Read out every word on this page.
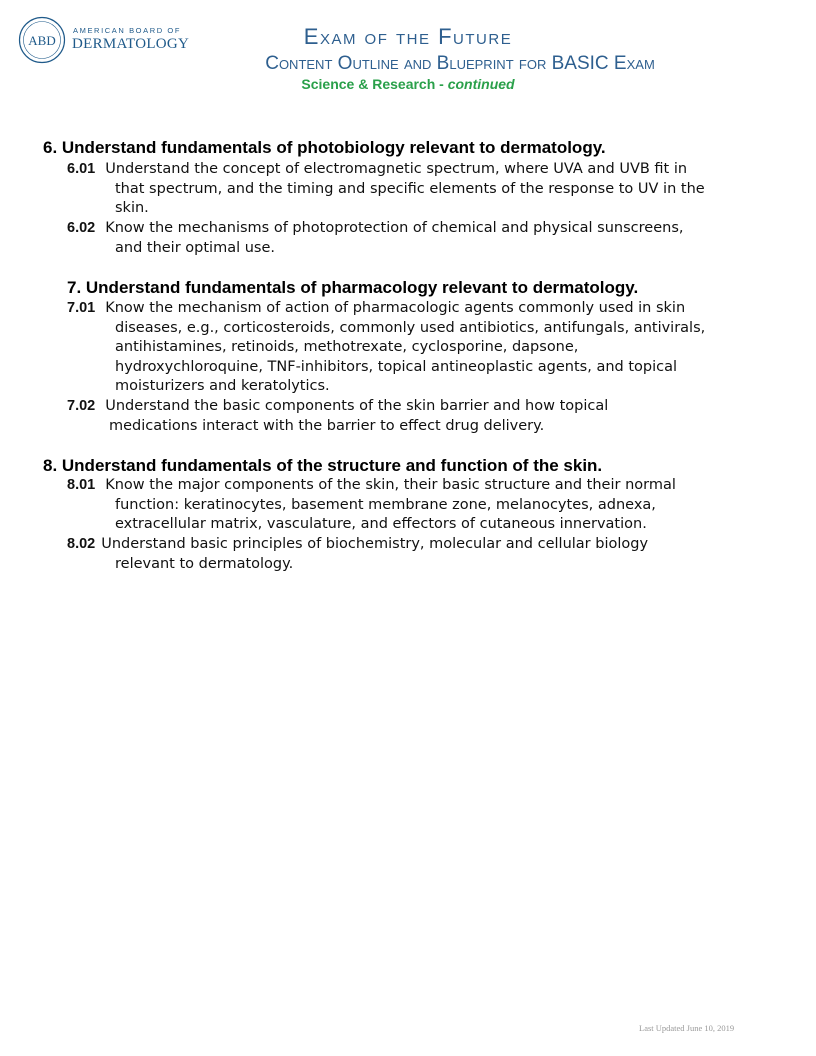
ABD
AMERICAN BOARD OF
DERMATOLOGY	Exam of the Future
Content Outline and Blueprint for BASIC Exam
Science & Research - continued
6. Understand fundamentals of photobiology relevant to dermatology.
6.01 Understand the concept of electromagnetic spectrum, where UVA and UVB fit in
that spectrum, and the timing and specific elements of the response to UV in the
skin.
6.02 Know the mechanisms of photoprotection of chemical and physical sunscreens,
and their optimal use.
7. Understand fundamentals of pharmacology relevant to dermatology.
7.01 Know the mechanism of action of pharmacologic agents commonly used in skin
diseases, e.g., corticosteroids, commonly used antibiotics, antifungals, antivirals,
antihistamines, retinoids, methotrexate, cyclosporine, dapsone,
hydroxychloroquine, TNF-inhibitors, topical antineoplastic agents, and topical
moisturizers and keratolytics.
7.02 Understand the basic components of the skin barrier and how topical
medications interact with the barrier to effect drug delivery.
8. Understand fundamentals of the structure and function of the skin.
8.01 Know the major components of the skin, their basic structure and their normal
function: keratinocytes, basement membrane zone, melanocytes, adnexa,
extracellular matrix, vasculature, and effectors of cutaneous innervation.
8.02 Understand basic principles of biochemistry, molecular and cellular biology
relevant to dermatology.
Last Updated June 10, 2019
